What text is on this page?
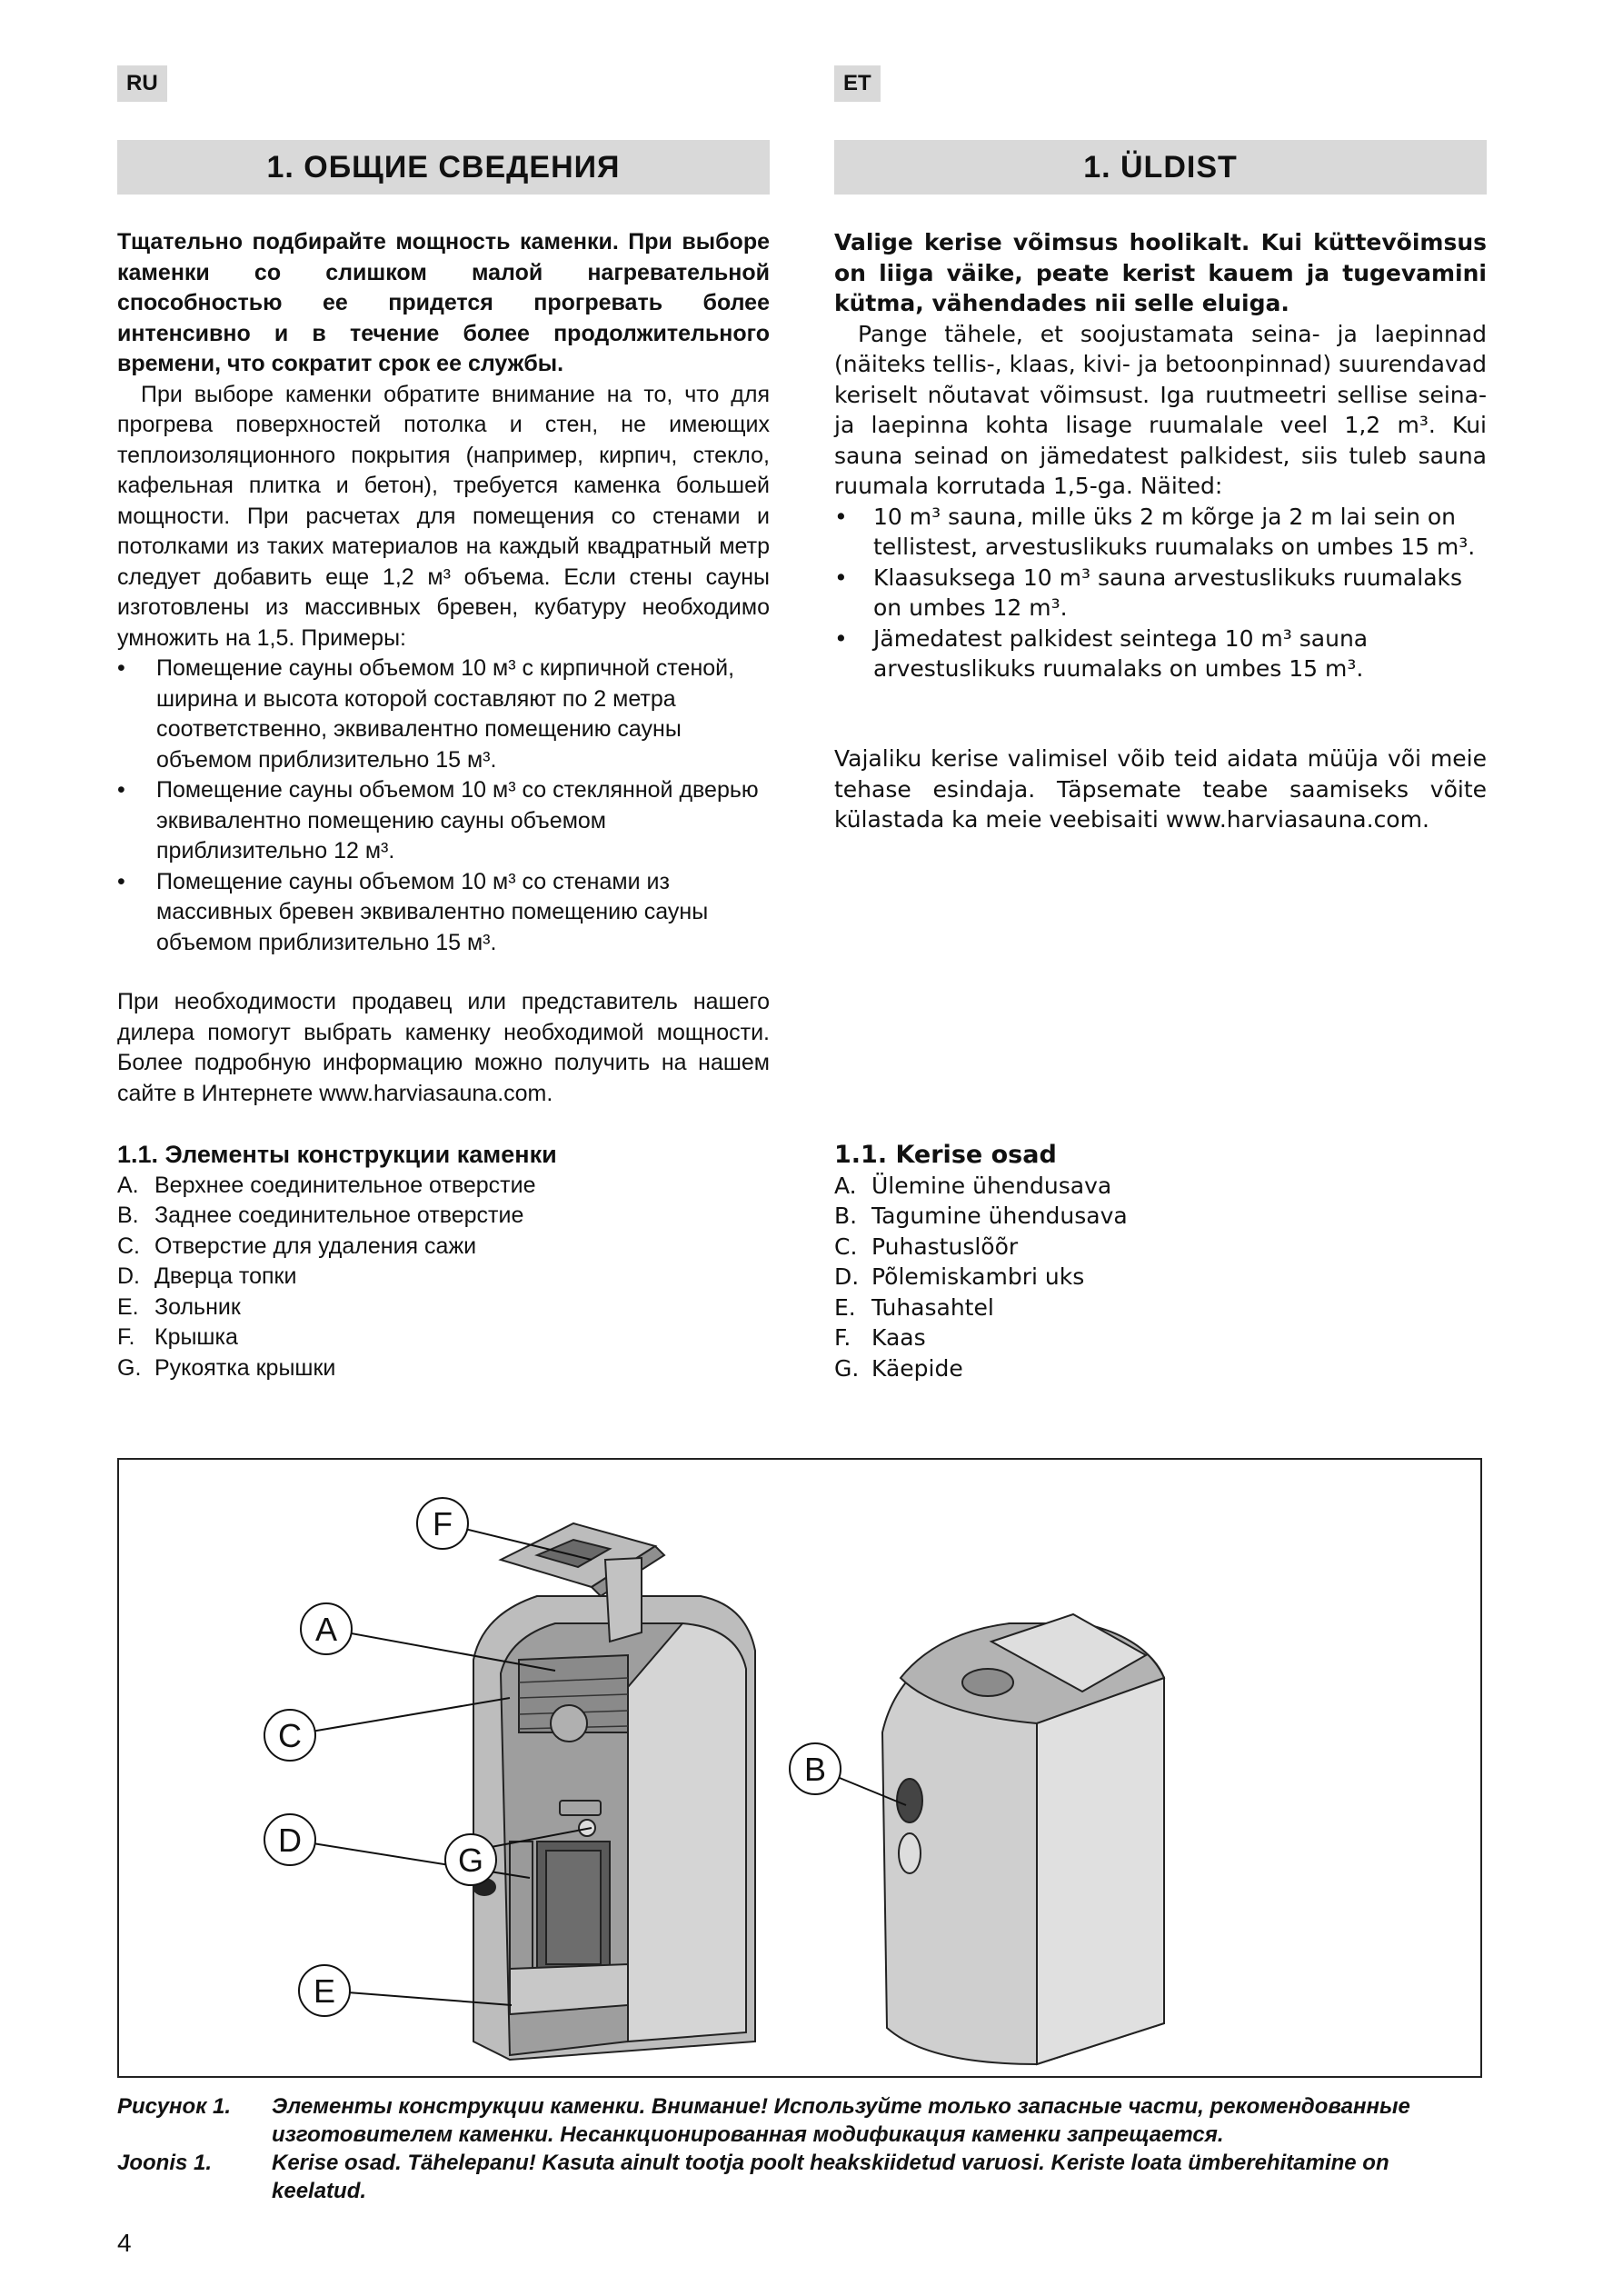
RU	ET
1. ОБЩИЕ СВЕДЕНИЯ	1. ÜLDIST

Тщательно подбирайте мощность каменки. При выборе каменки со слишком малой нагревательной способностью ее придется прогревать более интенсивно и в течение более продолжительного времени, что сократит срок ее службы.

При выборе каменки обратите внимание на то, что для прогрева поверхностей потолка и стен, не имеющих теплоизоляционного покрытия (например, кирпич, стекло, кафельная плитка и бетон), требуется каменка большей мощности. При расчетах для помещения со стенами и потолками из таких материалов на каждый квадратный метр следует добавить еще 1,2 м³ объема. Если стены сауны изготовлены из массивных бревен, кубатуру необходимо умножить на 1,5. Примеры:

• Помещение сауны объемом 10 м³ с кирпичной стеной, ширина и высота которой составляют по 2 метра соответственно, эквивалентно помещению сауны объемом приблизительно 15 м³.
• Помещение сауны объемом 10 м³ со стеклянной дверью эквивалентно помещению сауны объемом приблизительно 12 м³.
• Помещение сауны объемом 10 м³ со стенами из массивных бревен эквивалентно помещению сауны объемом приблизительно 15 м³.

При необходимости продавец или представитель нашего дилера помогут выбрать каменку необходимой мощности. Более подробную информацию можно получить на нашем сайте в Интернете www.harviasauna.com.

1.1. Элементы конструкции каменки

A. Верхнее соединительное отверстие
B. Заднее соединительное отверстие
C. Отверстие для удаления сажи
D. Дверца топки
E. Зольник
F. Крышка
G. Рукоятка крышки

Valige kerise võimsus hoolikalt. Kui küttevõimsus on liiga väike, peate kerist kauem ja tugevamini kütma, vähendades nii selle eluiga.

Pange tähele, et soojustamata seina- ja laepinnad (näiteks tellis-, klaas, kivi- ja betoonpinnad) suurendavad keriselt nõutavat võimsust. Iga ruutmeetri sellise seina- ja laepinna kohta lisage ruumalale veel 1,2 m³. Kui sauna seinad on jämedatest palkidest, siis tuleb sauna ruumala korrutada 1,5-ga. Näited:

• 10 m³ sauna, mille üks 2 m kõrge ja 2 m lai sein on tellistest, arvestuslikuks ruumalaks on umbes 15 m³.
• Klaasuksega 10 m³ sauna arvestuslikuks ruumalaks on umbes 12 m³.
• Jämedatest palkidest seintega 10 m³ sauna arvestuslikuks ruumalaks on umbes 15 m³.

Vajaliku kerise valimisel võib teid aidata müüja või meie tehase esindaja. Täpsemate teabe saamiseks võite külastada ka meie veebisaiti www.harviasauna.com.

1.1. Kerise osad

A. Ülemine ühendusava
B. Tagumine ühendusava
C. Puhastuslõõr
D. Põlemiskambri uks
E. Tuhasahtel
F. Kaas
G. Käepide
F
A
C
D
G
E
B
Рисунок 1. Элементы конструкции каменки. Внимание! Используйте только запасные части, рекомендованные изготовителем каменки. Несанкционированная модификация каменки запрещается.
Joonis 1.	Kerise osad. Tähelepanu! Kasuta ainult tootja poolt heakskiidetud varuosi. Keriste loata ümberehitamine on keelatud.
4
